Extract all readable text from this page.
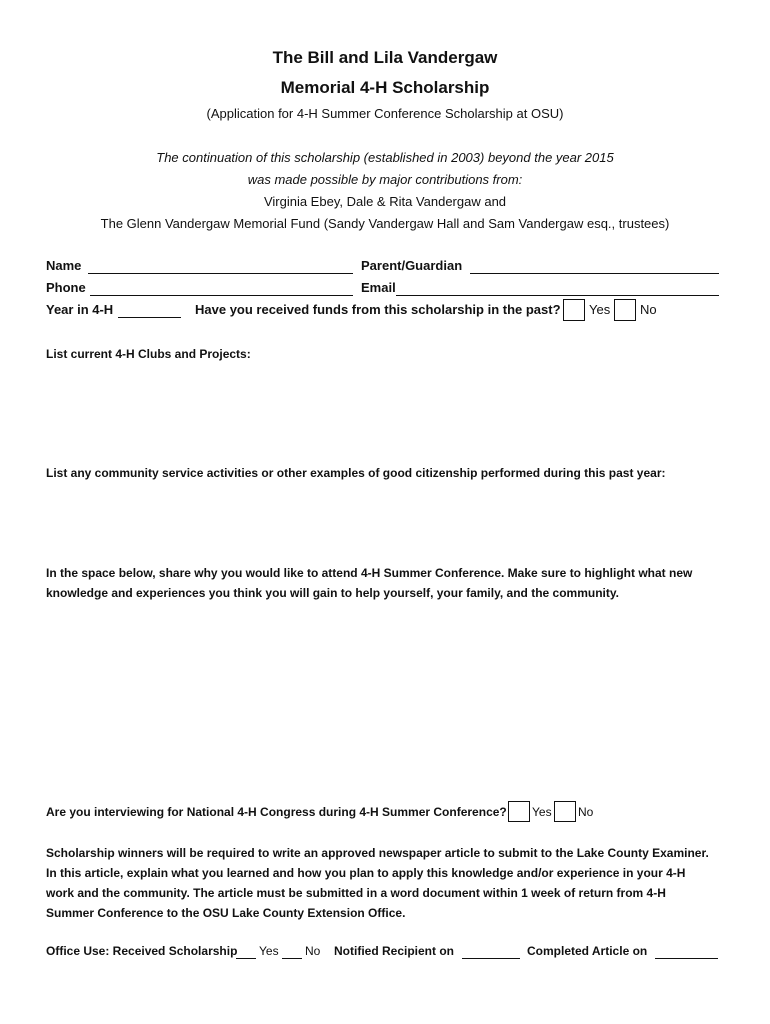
The Bill and Lila Vandergaw
Memorial 4-H Scholarship
(Application for 4-H Summer Conference Scholarship at OSU)
The continuation of this scholarship (established in 2003) beyond the year 2015
was made possible by major contributions from:
Virginia Ebey, Dale & Rita Vandergaw and
The Glenn Vandergaw Memorial Fund (Sandy Vandergaw Hall and Sam Vandergaw esq., trustees)
Name	Parent/Guardian
Phone	Email
Year in 4-H	Have you received funds from this scholarship in the past? Yes No
List current 4-H Clubs and Projects:
List any community service activities or other examples of good citizenship performed during this past year:
In the space below, share why you would like to attend 4-H Summer Conference. Make sure to highlight what new
knowledge and experiences you think you will gain to help yourself, your family, and the community.
Are you interviewing for National 4-H Congress during 4-H Summer Conference? Yes No
Scholarship winners will be required to write an approved newspaper article to submit to the Lake County Examiner.
In this article, explain what you learned and how you plan to apply this knowledge and/or experience in your 4-H
work and the community. The article must be submitted in a word document within 1 week of return from 4-H
Summer Conference to the OSU Lake County Extension Office.
Office Use: Received Scholarship Yes No Notified Recipient on	Completed Article on
